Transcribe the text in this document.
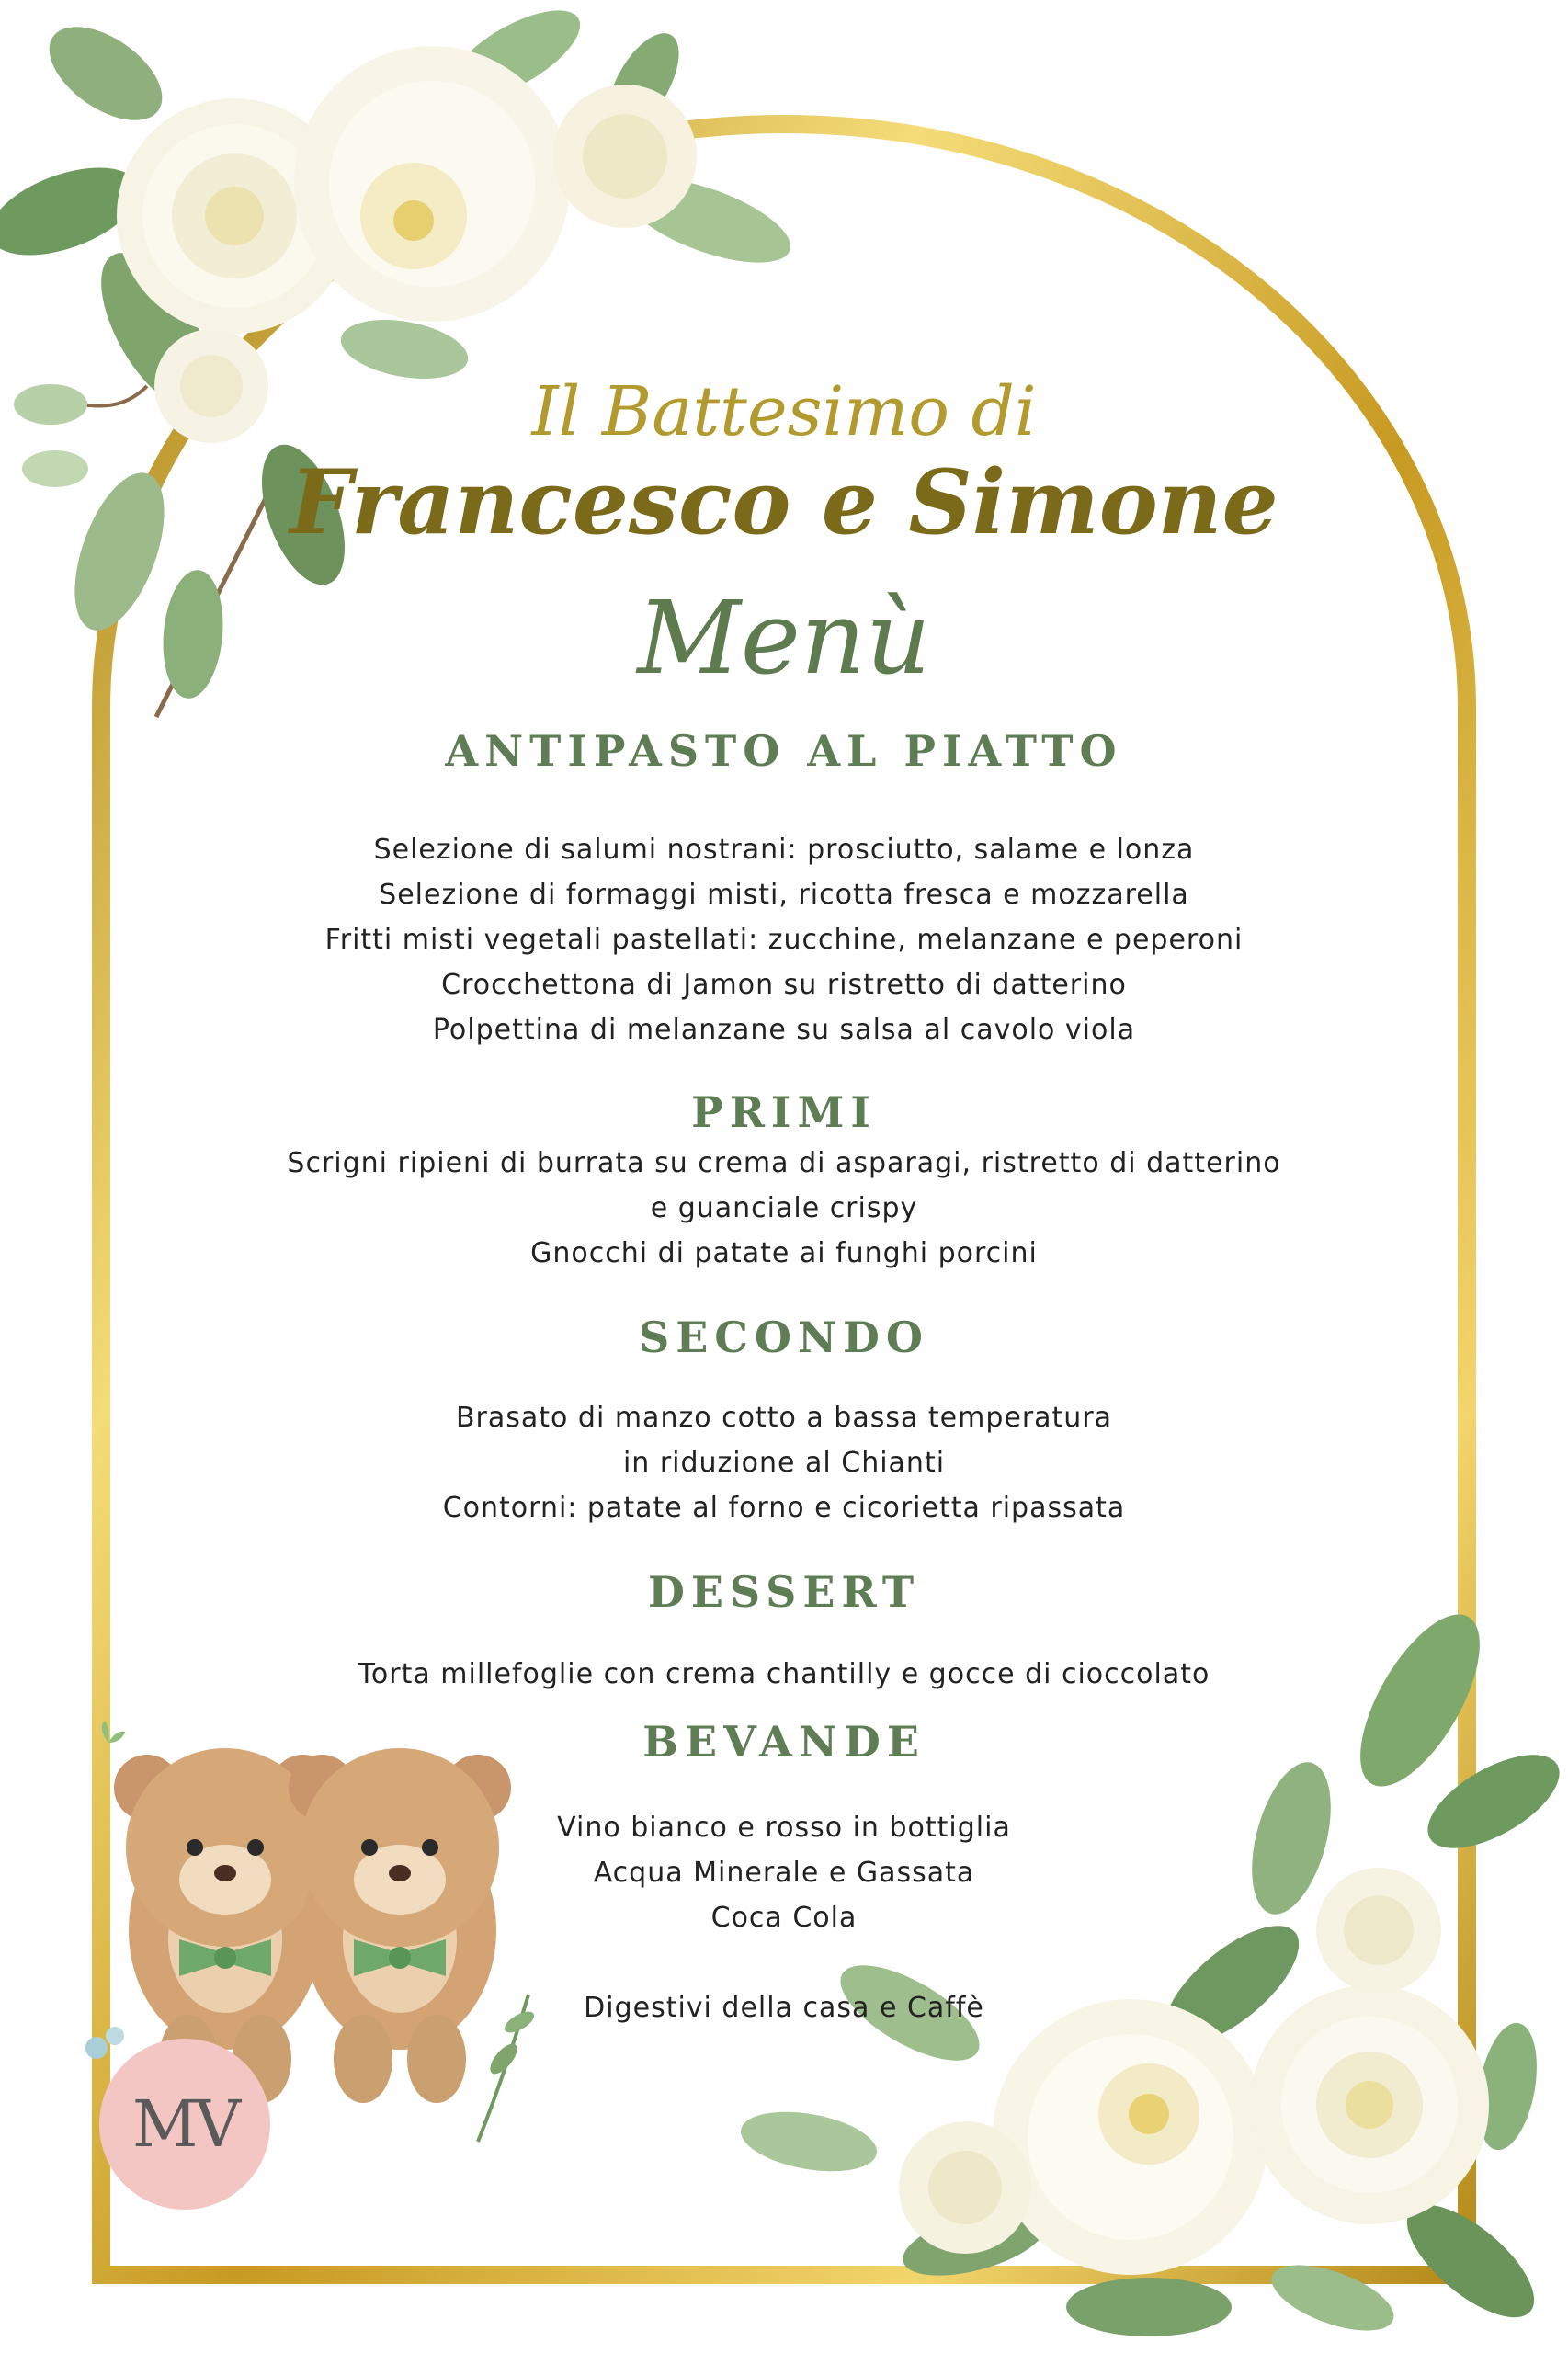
Il Battesimo di
Francesco e Simone
Menù
ANTIPASTO AL PIATTO
Selezione di salumi nostrani: prosciutto, salame e lonza
Selezione di formaggi misti, ricotta fresca e mozzarella
Fritti misti vegetali pastellati: zucchine, melanzane e peperoni
Crocchettona di Jamon su ristretto di datterino
Polpettina di melanzane su salsa al cavolo viola
PRIMI
Scrigni ripieni di burrata su crema di asparagi, ristretto di datterino
e guanciale crispy
Gnocchi di patate ai funghi porcini
SECONDO
Brasato di manzo cotto a bassa temperatura
in riduzione al Chianti
Contorni: patate al forno e cicorietta ripassata
DESSERT
Torta millefoglie con crema chantilly e gocce di cioccolato
BEVANDE
Vino bianco e rosso in bottiglia
Acqua Minerale e Gassata
Coca Cola
Digestivi della casa e Caffè
MV
